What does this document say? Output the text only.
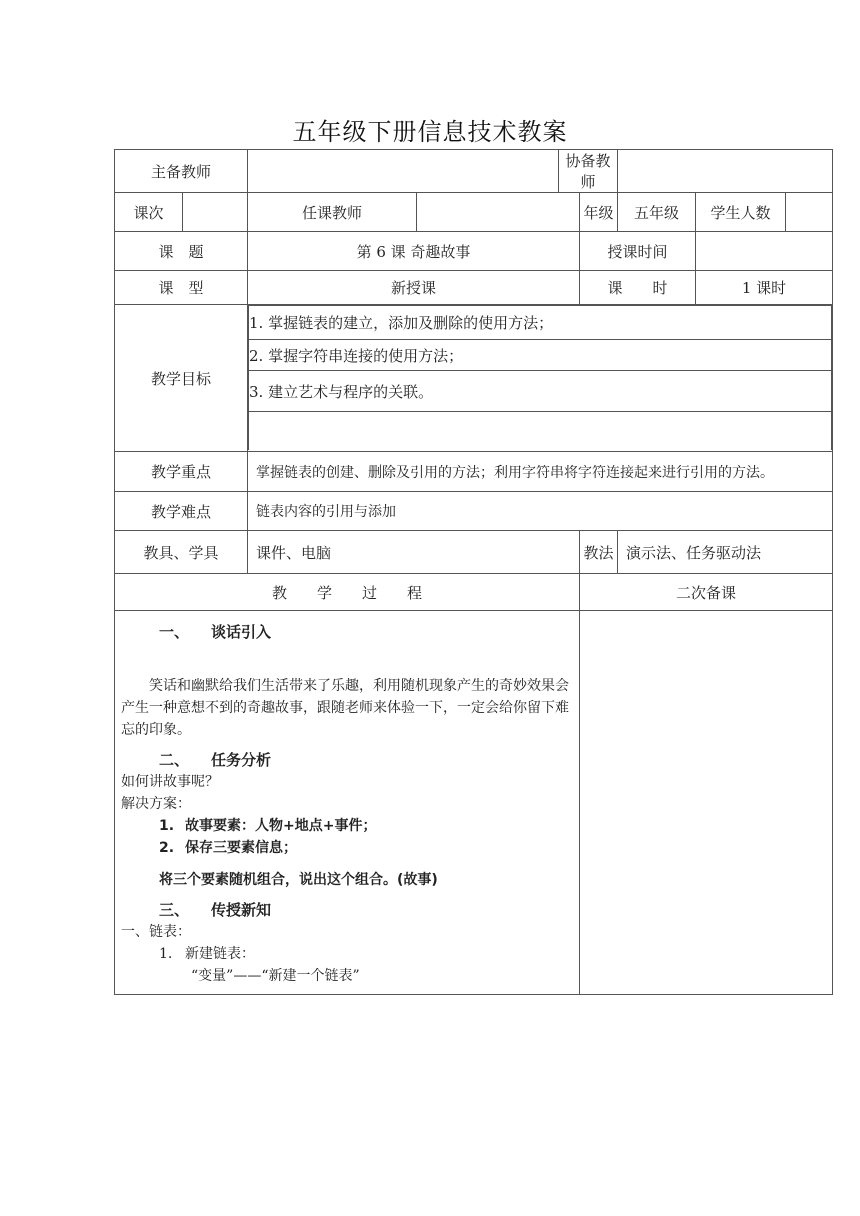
五年级下册信息技术教案
主备教师		协备教师	
课次		任课教师		年级	五年级	学生人数	
课　题	第 6 课 奇趣故事	授课时间	
课　型	新授课	课　　时	1 课时
教学目标	
1. 掌握链表的建立，添加及删除的使用方法；
2. 掌握字符串连接的使用方法；
3. 建立艺术与程序的关联。

教学重点	掌握链表的创建、删除及引用的方法；利用字符串将字符连接起来进行引用的方法。
教学难点	链表内容的引用与添加
教具、学具	课件、电脑	教法	演示法、任务驱动法
教　　学　　过　　程	二次备课

一、 谈话引入

笑话和幽默给我们生活带来了乐趣，利用随机现象产生的奇妙效果会产生一种意想不到的奇趣故事，跟随老师来体验一下，一定会给你留下难忘的印象。

二、 任务分析
如何讲故事呢？
解决方案：
1. 故事要素：人物+地点+事件；
2. 保存三要素信息；
将三个要素随机组合，说出这个组合。(故事)
三、 传授新知
一、链表：
1. 新建链表：
“变量”——“新建一个链表”
